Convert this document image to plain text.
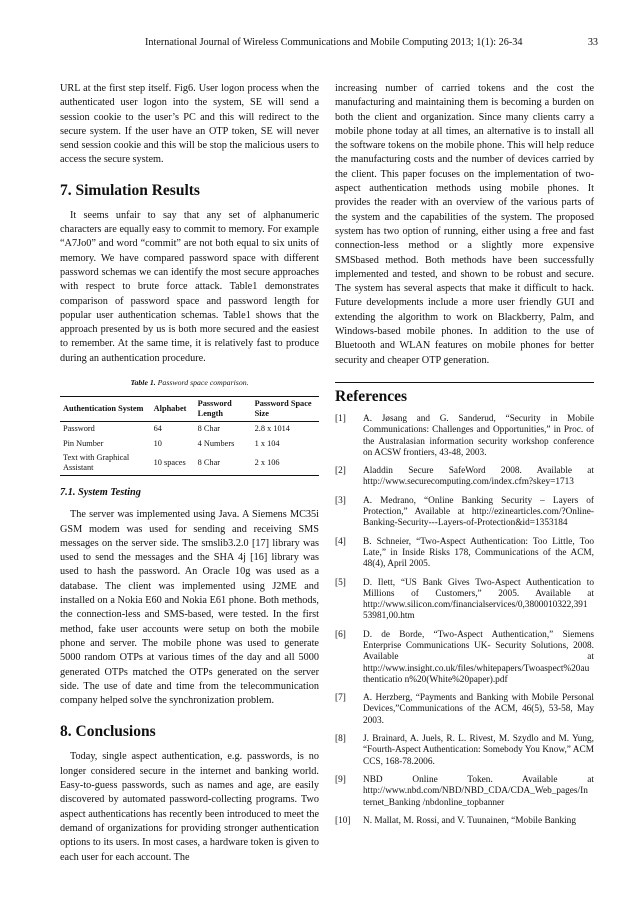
International Journal of Wireless Communications and Mobile Computing 2013; 1(1): 26-34	33

URL at the first step itself. Fig6. User logon process when the authenticated user logon into the system, SE will send a session cookie to the user’s PC and this will redirect to the secure system. If the user have an OTP token, SE will never send session cookie and this will be stop the malicious users to access the secure system.

7. Simulation Results

It seems unfair to say that any set of alphanumeric characters are equally easy to commit to memory. For example “A7Jo0” and word “commit” are not both equal to six units of memory. We have compared password space with different password schemas we can identify the most secure approaches with respect to brute force attack. Table1 demonstrates comparison of password space and password length for popular user authentication schemas. Table1 shows that the approach presented by us is both more secured and the easiest to remember. At the same time, it is relatively fast to produce during an authentication procedure.

Table 1. Password space comparison.
Authentication System	Alphabet	Password Length	Password Space Size
Password	64	8 Char	2.8 x 1014
Pin Number	10	4 Numbers	1 x 104
Text with Graphical Assistant	10 spaces	8 Char	2 x 106
7.1. System Testing

The server was implemented using Java. A Siemens MC35i GSM modem was used for sending and receiving SMS messages on the server side. The smslib3.2.0 [17] library was used to send the messages and the SHA 4j [16] library was used to hash the password. An Oracle 10g was used as a database. The client was implemented using J2ME and installed on a Nokia E60 and Nokia E61 phone. Both methods, the connection-less and SMS-based, were tested. In the first method, fake user accounts were setup on both the mobile phone and server. The mobile phone was used to generate 5000 random OTPs at various times of the day and all 5000 generated OTPs matched the OTPs generated on the server side. The use of date and time from the telecommunication company helped solve the synchronization problem.

8. Conclusions

Today, single aspect authentication, e.g. passwords, is no longer considered secure in the internet and banking world. Easy-to-guess passwords, such as names and age, are easily discovered by automated password-collecting programs. Two aspect authentications has recently been introduced to meet the demand of organizations for providing stronger authentication options to its users. In most cases, a hardware token is given to each user for each account. The

increasing number of carried tokens and the cost the manufacturing and maintaining them is becoming a burden on both the client and organization. Since many clients carry a mobile phone today at all times, an alternative is to install all the software tokens on the mobile phone. This will help reduce the manufacturing costs and the number of devices carried by the client. This paper focuses on the implementation of two-aspect authentication methods using mobile phones. It provides the reader with an overview of the various parts of the system and the capabilities of the system. The proposed system has two option of running, either using a free and fast connection-less method or a slightly more expensive SMSbased method. Both methods have been successfully implemented and tested, and shown to be robust and secure. The system has several aspects that make it difficult to hack. Future developments include a more user friendly GUI and extending the algorithm to work on Blackberry, Palm, and Windows-based mobile phones. In addition to the use of Bluetooth and WLAN features on mobile phones for better security and cheaper OTP generation.

References
[1] A. Jøsang and G. Sanderud, “Security in Mobile Communications: Challenges and Opportunities,” in Proc. of the Australasian information security workshop conference on ACSW frontiers, 43-48, 2003.
[2] Aladdin Secure SafeWord 2008. Available at http://www.securecomputing.com/index.cfm?skey=1713
[3] A. Medrano, “Online Banking Security – Layers of Protection,” Available at http://ezinearticles.com/?Online-Banking-Security---Layers-of-Protection&id=1353184
[4] B. Schneier, “Two-Aspect Authentication: Too Little, Too Late,” in Inside Risks 178, Communications of the ACM, 48(4), April 2005.
[5] D. Ilett, “US Bank Gives Two-Aspect Authentication to Millions of Customers,” 2005. Available at http://www.silicon.com/financialservices/0,3800010322,391 53981,00.htm
[6] D. de Borde, “Two-Aspect Authentication,” Siemens Enterprise Communications UK- Security Solutions, 2008. Available at http://www.insight.co.uk/files/whitepapers/Twoaspect%20au thenticatio n%20(White%20paper).pdf
[7] A. Herzberg, “Payments and Banking with Mobile Personal Devices,”Communications of the ACM, 46(5), 53-58, May 2003.
[8] J. Brainard, A. Juels, R. L. Rivest, M. Szydlo and M. Yung, “Fourth-Aspect Authentication: Somebody You Know,” ACM CCS, 168-78.2006.
[9] NBD Online Token. Available at http://www.nbd.com/NBD/NBD_CDA/CDA_Web_pages/In ternet_Banking /nbdonline_topbanner
[10] N. Mallat, M. Rossi, and V. Tuunainen, “Mobile Banking
